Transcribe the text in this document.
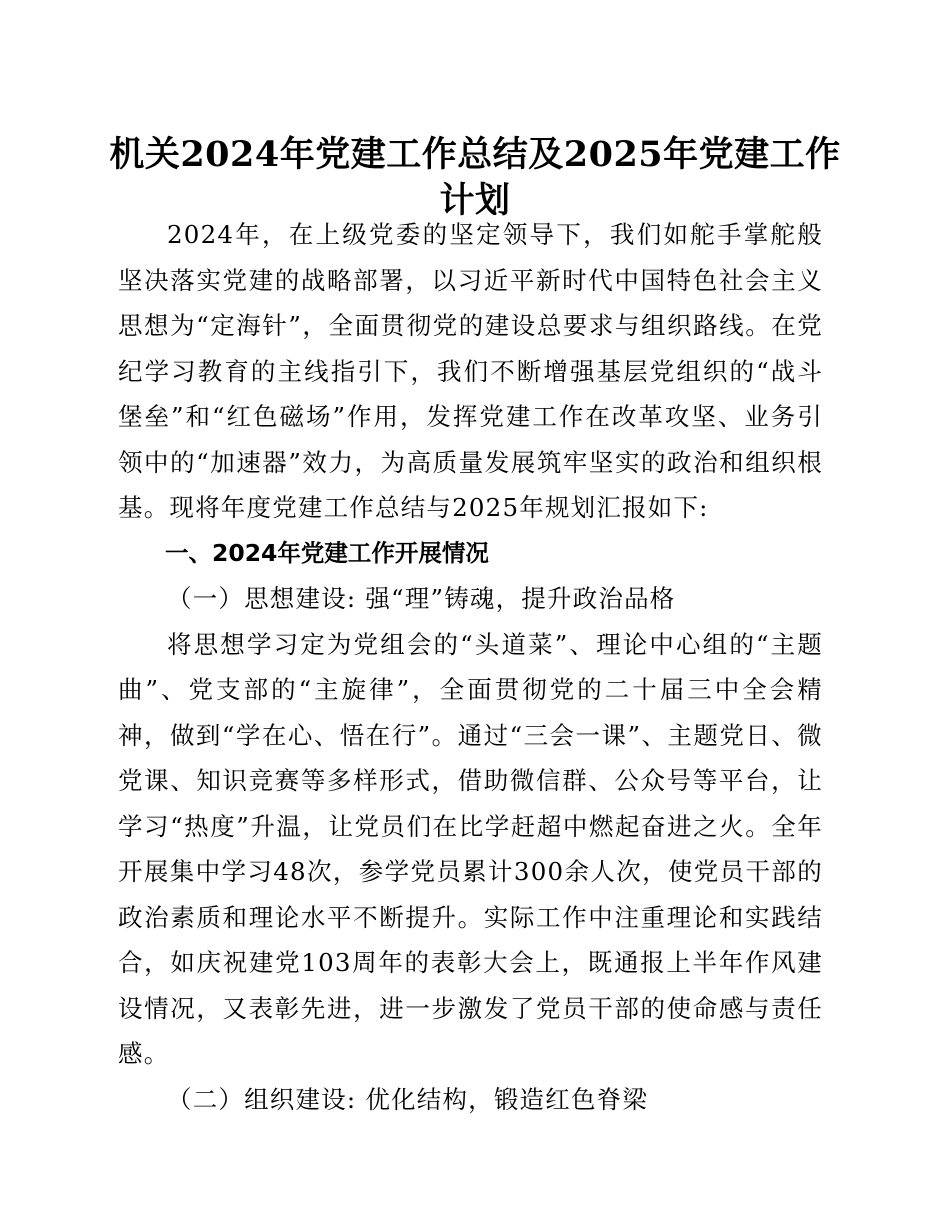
机关2024年党建工作总结及2025年党建工作计划

2024年，在上级党委的坚定领导下，我们如舵手掌舵般坚决落实党建的战略部署，以习近平新时代中国特色社会主义思想为“定海针”，全面贯彻党的建设总要求与组织路线。在党纪学习教育的主线指引下，我们不断增强基层党组织的“战斗堡垒”和“红色磁场”作用，发挥党建工作在改革攻坚、业务引领中的“加速器”效力，为高质量发展筑牢坚实的政治和组织根基。现将年度党建工作总结与2025年规划汇报如下:

一、2024年党建工作开展情况

（一）思想建设: 强“理”铸魂，提升政治品格

将思想学习定为党组会的“头道菜”、理论中心组的“主题曲”、党支部的“主旋律”，全面贯彻党的二十届三中全会精神，做到“学在心、悟在行”。通过“三会一课”、主题党日、微党课、知识竞赛等多样形式，借助微信群、公众号等平台，让学习“热度”升温，让党员们在比学赶超中燃起奋进之火。全年开展集中学习48次，参学党员累计300余人次，使党员干部的政治素质和理论水平不断提升。实际工作中注重理论和实践结合，如庆祝建党103周年的表彰大会上，既通报上半年作风建设情况，又表彰先进，进一步激发了党员干部的使命感与责任感。

（二）组织建设: 优化结构，锻造红色脊梁
